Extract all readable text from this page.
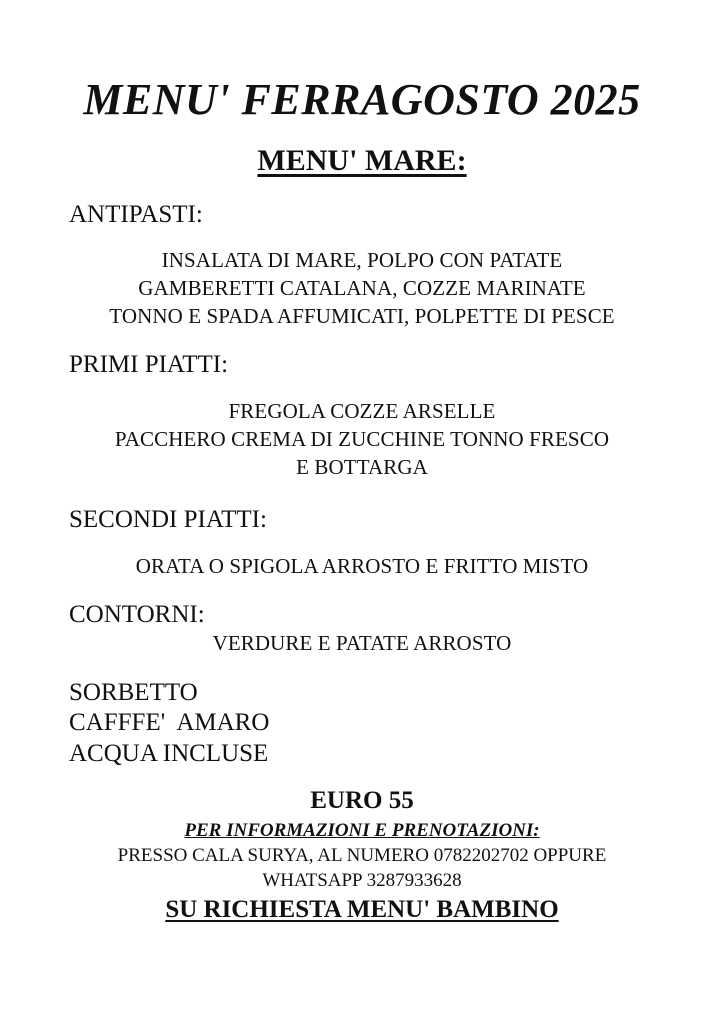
MENU' FERRAGOSTO 2025
MENU' MARE:
ANTIPASTI:
INSALATA DI MARE, POLPO CON PATATE
GAMBERETTI CATALANA, COZZE MARINATE
TONNO E SPADA AFFUMICATI, POLPETTE DI PESCE
PRIMI PIATTI:
FREGOLA COZZE ARSELLE
PACCHERO CREMA DI ZUCCHINE TONNO FRESCO
E BOTTARGA
SECONDI PIATTI:
ORATA O SPIGOLA ARROSTO E FRITTO MISTO
CONTORNI:
VERDURE E PATATE ARROSTO
SORBETTO
CAFFFE'  AMARO
ACQUA INCLUSE
EURO 55
PER INFORMAZIONI E PRENOTAZIONI:
PRESSO CALA SURYA, AL NUMERO 0782202702 OPPURE
WHATSAPP 3287933628
SU RICHIESTA MENU' BAMBINO
